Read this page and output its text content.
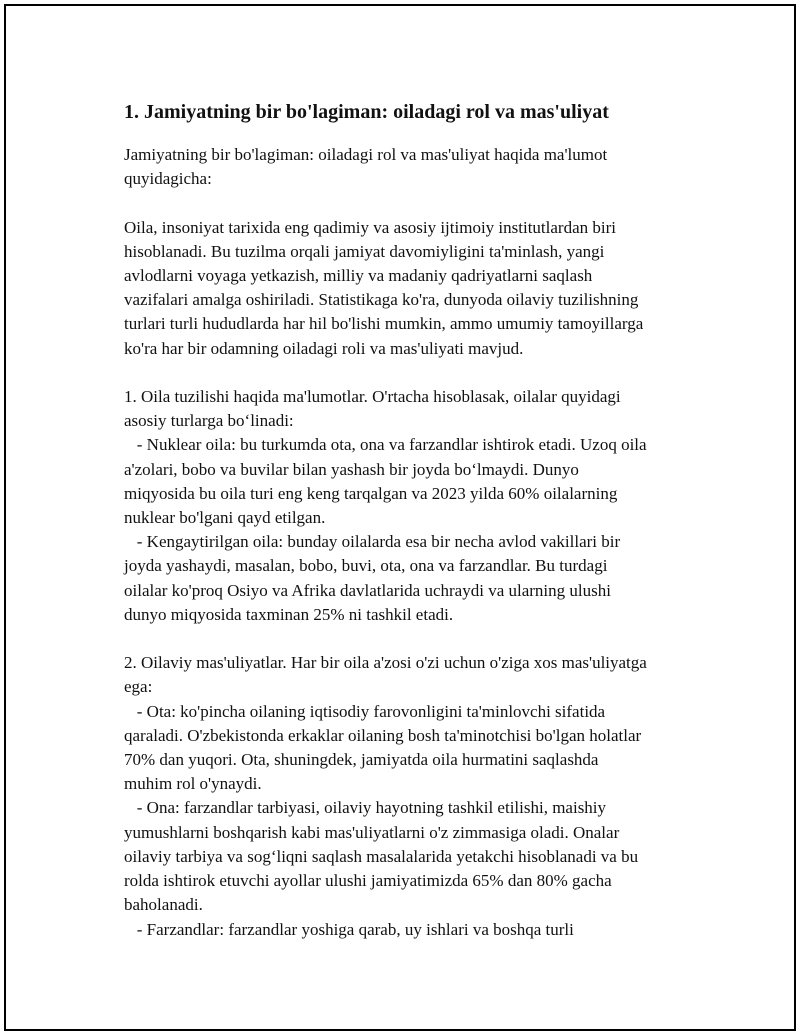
1. Jamiyatning bir bo'lagiman: oiladagi rol va mas'uliyat

Jamiyatning bir bo'lagiman: oiladagi rol va mas'uliyat haqida ma'lumot
quyidagicha:

Oila, insoniyat tarixida eng qadimiy va asosiy ijtimoiy institutlardan biri
hisoblanadi. Bu tuzilma orqali jamiyat davomiyligini ta'minlash, yangi
avlodlarni voyaga yetkazish, milliy va madaniy qadriyatlarni saqlash
vazifalari amalga oshiriladi. Statistikaga ko'ra, dunyoda oilaviy tuzilishning
turlari turli hududlarda har hil bo'lishi mumkin, ammo umumiy tamoyillarga
ko'ra har bir odamning oiladagi roli va mas'uliyati mavjud.

1. Oila tuzilishi haqida ma'lumotlar. O'rtacha hisoblasak, oilalar quyidagi
asosiy turlarga boʻlinadi:

- Nuklear oila: bu turkumda ota, ona va farzandlar ishtirok etadi. Uzoq oila
a'zolari, bobo va buvilar bilan yashash bir joyda boʻlmaydi. Dunyo
miqyosida bu oila turi eng keng tarqalgan va 2023 yilda 60% oilalarning
nuklear bo'lgani qayd etilgan.

- Kengaytirilgan oila: bunday oilalarda esa bir necha avlod vakillari bir
joyda yashaydi, masalan, bobo, buvi, ota, ona va farzandlar. Bu turdagi
oilalar ko'proq Osiyo va Afrika davlatlarida uchraydi va ularning ulushi
dunyo miqyosida taxminan 25% ni tashkil etadi.

2. Oilaviy mas'uliyatlar. Har bir oila a'zosi o'zi uchun o'ziga xos mas'uliyatga
ega:

- Ota: ko'pincha oilaning iqtisodiy farovonligini ta'minlovchi sifatida
qaraladi. O'zbekistonda erkaklar oilaning bosh ta'minotchisi bo'lgan holatlar
70% dan yuqori. Ota, shuningdek, jamiyatda oila hurmatini saqlashda
muhim rol o'ynaydi.

- Ona: farzandlar tarbiyasi, oilaviy hayotning tashkil etilishi, maishiy
yumushlarni boshqarish kabi mas'uliyatlarni o'z zimmasiga oladi. Onalar
oilaviy tarbiya va sogʻliqni saqlash masalalarida yetakchi hisoblanadi va bu
rolda ishtirok etuvchi ayollar ulushi jamiyatimizda 65% dan 80% gacha
baholanadi.

- Farzandlar: farzandlar yoshiga qarab, uy ishlari va boshqa turli
